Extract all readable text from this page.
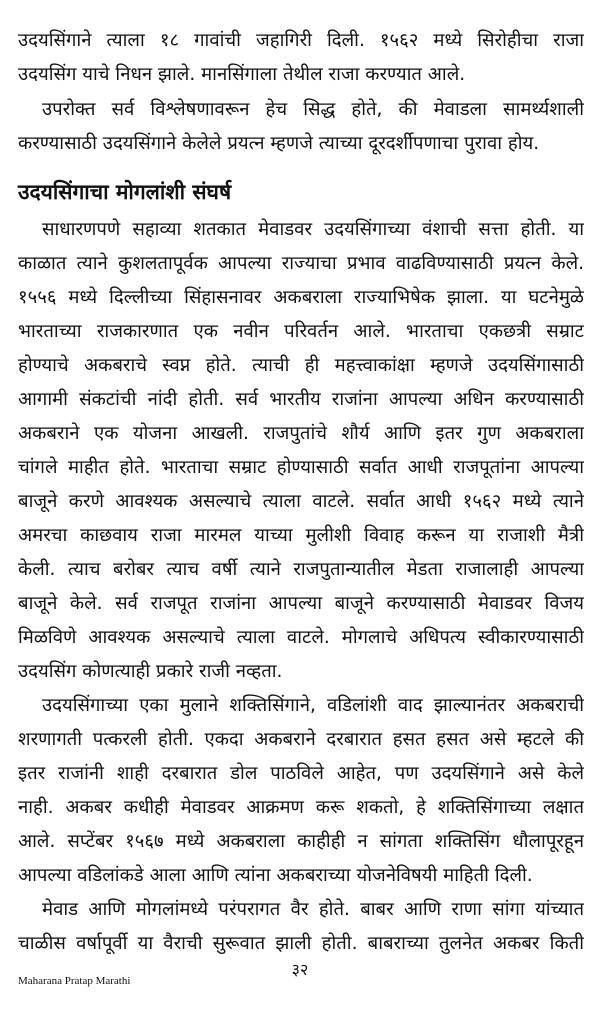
उदयसिंगाने त्याला १८ गावांची जहागिरी दिली. १५६२ मध्ये सिरोहीचा राजा
उदयसिंग याचे निधन झाले. मानसिंगाला तेथील राजा करण्यात आले.
उपरोक्त सर्व विश्लेषणावरून हेच सिद्ध होते, की मेवाडला सामर्थ्यशाली
करण्यासाठी उदयसिंगाने केलेले प्रयत्न म्हणजे त्याच्या दूरदर्शीपणाचा पुरावा होय.
उदयसिंगाचा मोगलांशी संघर्ष
साधारणपणे सहाव्या शतकात मेवाडवर उदयसिंगाच्या वंशाची सत्ता होती. या
काळात त्याने कुशलतापूर्वक आपल्या राज्याचा प्रभाव वाढविण्यासाठी प्रयत्न केले.
१५५६ मध्ये दिल्लीच्या सिंहासनावर अकबराला राज्याभिषेक झाला. या घटनेमुळे
भारताच्या राजकारणात एक नवीन परिवर्तन आले. भारताचा एकछत्री सम्राट
होण्याचे अकबराचे स्वप्न होते. त्याची ही महत्त्वाकांक्षा म्हणजे उदयसिंगासाठी
आगामी संकटांची नांदी होती. सर्व भारतीय राजांना आपल्या अधिन करण्यासाठी
अकबराने एक योजना आखली. राजपुतांचे शौर्य आणि इतर गुण अकबराला
चांगले माहीत होते. भारताचा सम्राट होण्यासाठी सर्वात आधी राजपूतांना आपल्या
बाजूने करणे आवश्यक असल्याचे त्याला वाटले. सर्वात आधी १५६२ मध्ये त्याने
अमरचा काछवाय राजा मारमल याच्या मुलीशी विवाह करून या राजाशी मैत्री
केली. त्याच बरोबर त्याच वर्षी त्याने राजपुतान्यातील मेडता राजालाही आपल्या
बाजूने केले. सर्व राजपूत राजांना आपल्या बाजूने करण्यासाठी मेवाडवर विजय
मिळविणे आवश्यक असल्याचे त्याला वाटले. मोगलाचे अधिपत्य स्वीकारण्यासाठी
उदयसिंग कोणत्याही प्रकारे राजी नव्हता.
उदयसिंगाच्या एका मुलाने शक्तिसिंगाने, वडिलांशी वाद झाल्यानंतर अकबराची
शरणागती पत्करली होती. एकदा अकबराने दरबारात हसत हसत असे म्हटले की
इतर राजांनी शाही दरबारात डोल पाठविले आहेत, पण उदयसिंगाने असे केले
नाही. अकबर कधीही मेवाडवर आक्रमण करू शकतो, हे शक्तिसिंगाच्या लक्षात
आले. सप्टेंबर १५६७ मध्ये अकबराला काहीही न सांगता शक्तिसिंग धौलापूरहून
आपल्या वडिलांकडे आला आणि त्यांना अकबराच्या योजनेविषयी माहिती दिली.
मेवाड आणि मोगलांमध्ये परंपरागत वैर होते. बाबर आणि राणा सांगा यांच्यात
चाळीस वर्षापूर्वी या वैराची सुरूवात झाली होती. बाबराच्या तुलनेत अकबर किती
Maharana Pratap Marathi
३२
